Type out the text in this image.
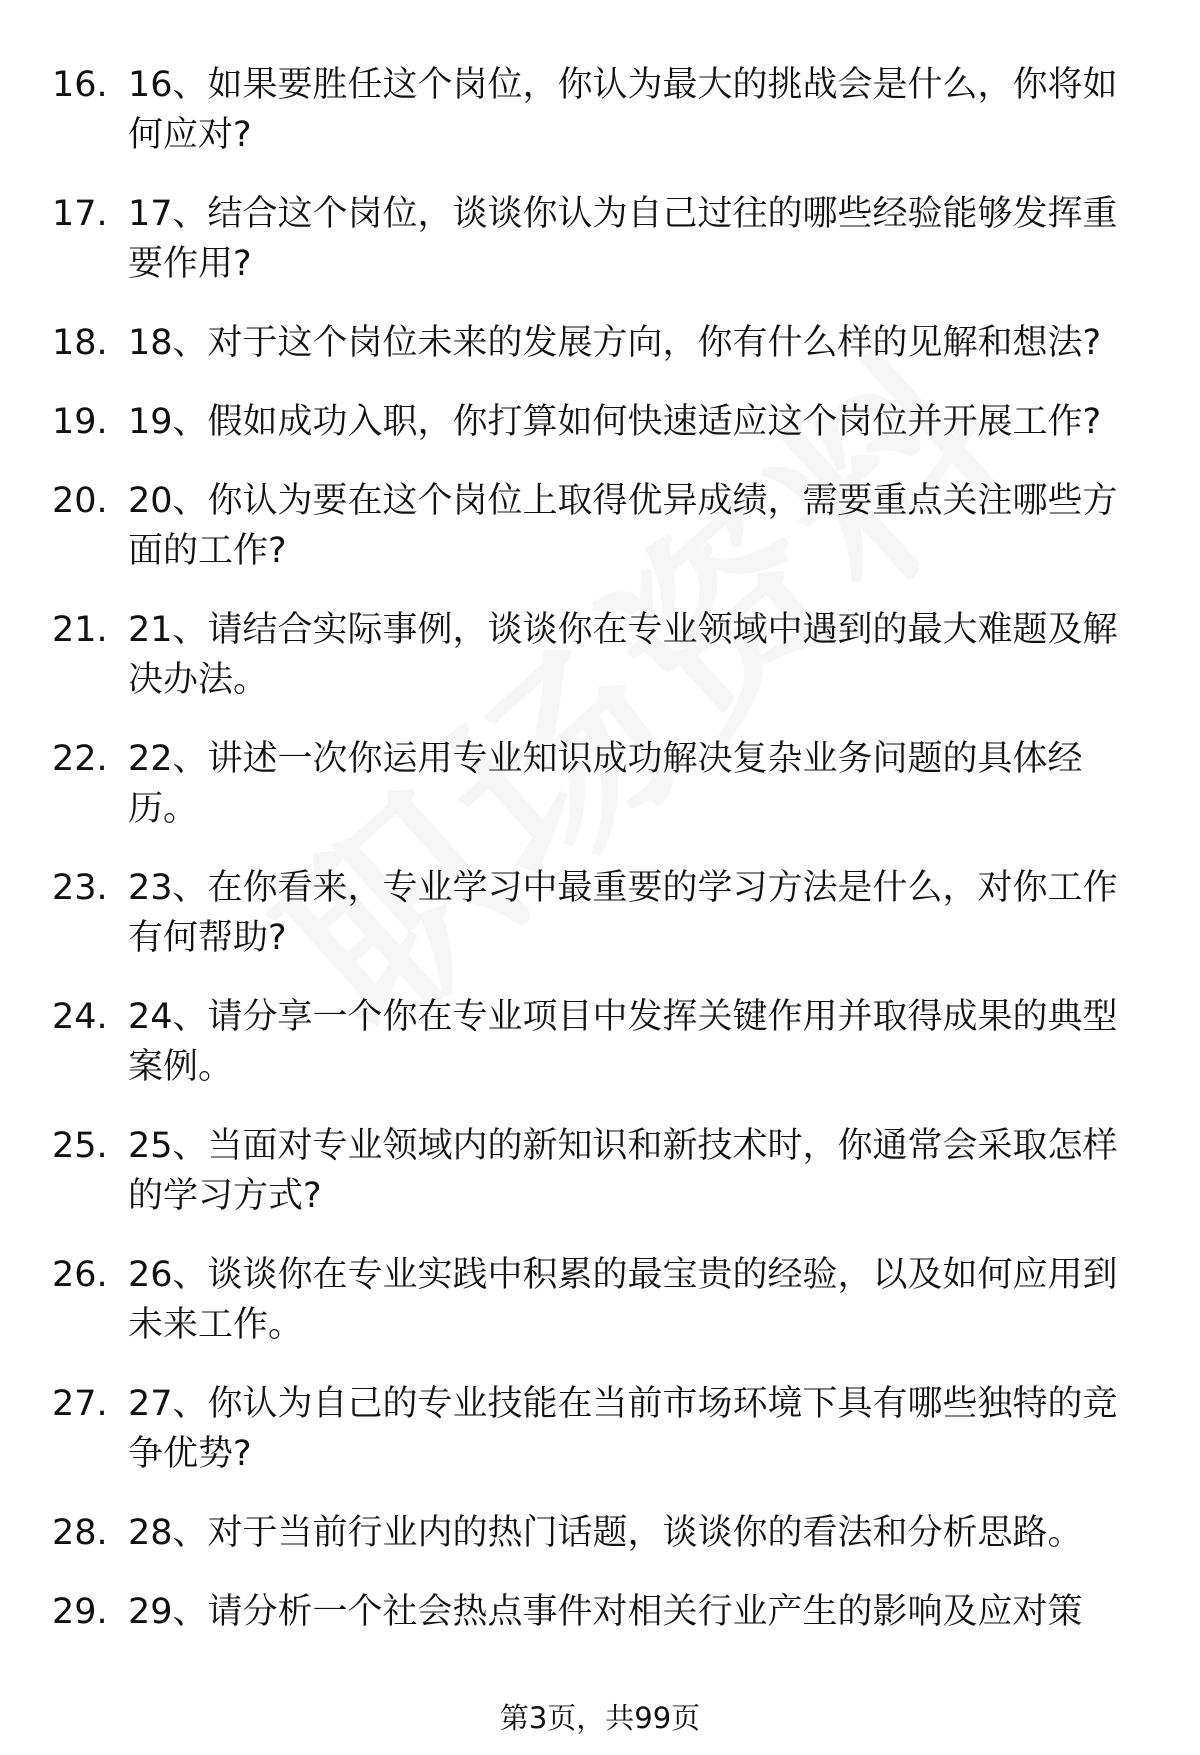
16. 16、如果要胜任这个岗位，你认为最大的挑战会是什么，你将如何应对?
17. 17、结合这个岗位，谈谈你认为自己过往的哪些经验能够发挥重要作用?
18. 18、对于这个岗位未来的发展方向，你有什么样的见解和想法?
19. 19、假如成功入职，你打算如何快速适应这个岗位并开展工作?
20. 20、你认为要在这个岗位上取得优异成绩，需要重点关注哪些方面的工作?
21. 21、请结合实际事例，谈谈你在专业领域中遇到的最大难题及解决办法。
22. 22、讲述一次你运用专业知识成功解决复杂业务问题的具体经历。
23. 23、在你看来，专业学习中最重要的学习方法是什么，对你工作有何帮助?
24. 24、请分享一个你在专业项目中发挥关键作用并取得成果的典型案例。
25. 25、当面对专业领域内的新知识和新技术时，你通常会采取怎样的学习方式?
26. 26、谈谈你在专业实践中积累的最宝贵的经验，以及如何应用到未来工作。
27. 27、你认为自己的专业技能在当前市场环境下具有哪些独特的竞争优势?
28. 28、对于当前行业内的热门话题，谈谈你的看法和分析思路。
29. 29、请分析一个社会热点事件对相关行业产生的影响及应对策
第3页，共99页
